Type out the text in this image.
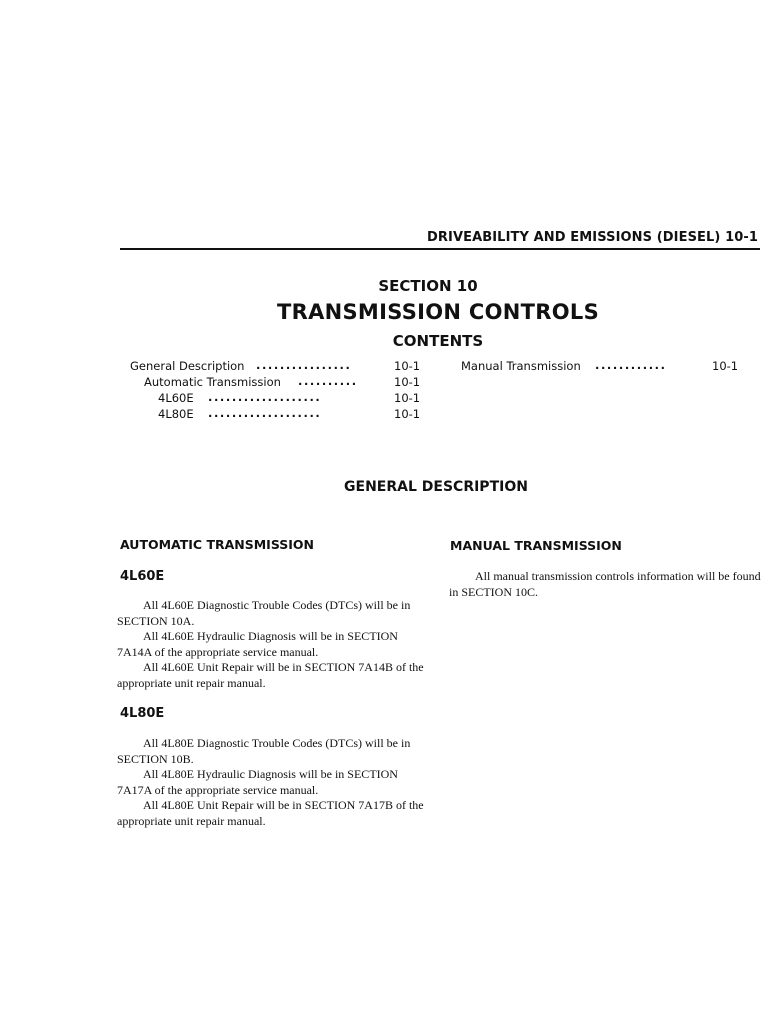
DRIVEABILITY AND EMISSIONS (DIESEL) 10-1
SECTION 10
TRANSMISSION CONTROLS
CONTENTS
General Description ................	10-1
Automatic Transmission ..........	10-1
4L60E ...................	10-1
4L80E ...................	10-1
Manual Transmission ............	10-1
GENERAL DESCRIPTION
AUTOMATIC TRANSMISSION
4L60E

All 4L60E Diagnostic Trouble Codes (DTCs) will be in SECTION 10A.

All 4L60E Hydraulic Diagnosis will be in SECTION 7A14A of the appropriate service manual.

All 4L60E Unit Repair will be in SECTION 7A14B of the appropriate unit repair manual.

4L80E

All 4L80E Diagnostic Trouble Codes (DTCs) will be in SECTION 10B.

All 4L80E Hydraulic Diagnosis will be in SECTION 7A17A of the appropriate service manual.

All 4L80E Unit Repair will be in SECTION 7A17B of the appropriate unit repair manual.

MANUAL TRANSMISSION

All manual transmission controls information will be found in SECTION 10C.
